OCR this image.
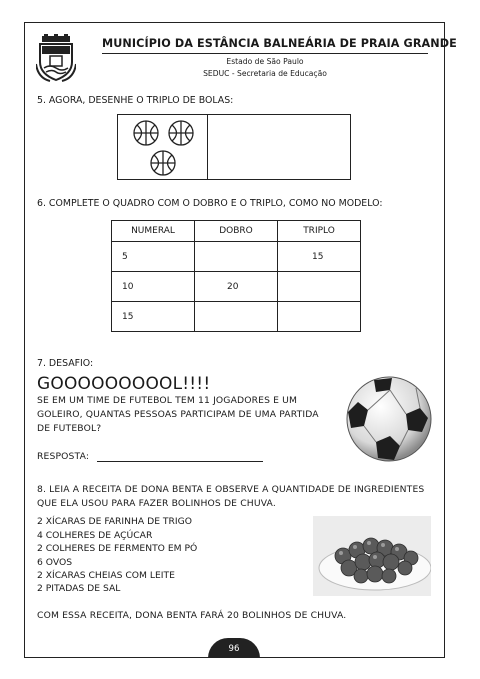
MUNICÍPIO DA ESTÂNCIA BALNEÁRIA DE PRAIA GRANDE
Estado de São Paulo
SEDUC - Secretaria de Educação
5. AGORA, DESENHE O TRIPLO DE BOLAS:
6. COMPLETE O QUADRO COM O DOBRO E O TRIPLO, COMO NO MODELO:
NUMERAL	DOBRO	TRIPLO
5		15
10	20	
15		
7. DESAFIO:
GOOOOOOOOOL!!!!
SE EM UM TIME DE FUTEBOL TEM 11 JOGADORES E UM
GOLEIRO, QUANTAS PESSOAS PARTICIPAM DE UMA PARTIDA
DE FUTEBOL?
RESPOSTA:
8. LEIA A RECEITA DE DONA BENTA E OBSERVE A QUANTIDADE DE INGREDIENTES
QUE ELA USOU PARA FAZER BOLINHOS DE CHUVA.
2 XÍCARAS DE FARINHA DE TRIGO
4 COLHERES DE AÇÚCAR
2 COLHERES DE FERMENTO EM PÓ
6 OVOS
2 XÍCARAS CHEIAS COM LEITE
2 PITADAS DE SAL
COM ESSA RECEITA, DONA BENTA FARÁ 20 BOLINHOS DE CHUVA.
96
